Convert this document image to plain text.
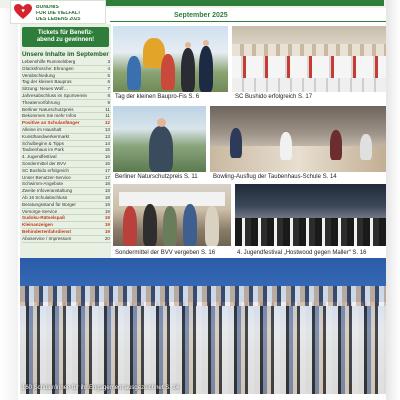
♥
BÜNDNIS
FÜR DIE VIELFALT
DES LEBENS 2025	September 2025
Tickets für Benefiz-
abend zu gewinnen!
Unsere Inhalte im September
Lebenshilfe Rummelsberg	3
Glücksfrosche: Ehrungen	4
Verabschiedung	5
Tag der kleinen Baupros	6
Sitzung: Neues Wolf…	7
Jahresabschluss im Sportverein	8
Theatervorführung	9
Berliner Naturschutzpreis	11
Bekommen Sie mehr Infos	11
Positive an Schulanfänger	12
Alleine im Haushalt	13
Kunsthandwerkermarkt	13
Schulbeginn & Tipps	14
Taubenhaus im Park	15
4. Jugendfestival	16
Sondermittel der BVV	16
SC Bushido erfolgreich	17
Unser Benutzer-Service	17
Schwimm-Angebote	18
Zweite Infoveranstaltung	18
Ab 16 Schulabschluss	18
Beratungsstand für Bürger	19
Vorsorge-Service	19
Sudoku-Rätselspaß	19
Kleinanzeigen	19
Behindertenfahrdienst	19
Aboservice / Impressum	20
Tag der kleinen Baupro-Fis S. 6	SC Bushido erfolgreich S. 17
Berliner Naturschutzpreis S. 11	Bowling-Ausflug der Taubenhaus-Schule S. 14
Sondermittel der BVV vergeben S. 16	4. Jugendfestival „Hostwood gegen Maller“ S. 16
160 Schüler/innen für ihr Engagement ausgezeichnet S. 14
